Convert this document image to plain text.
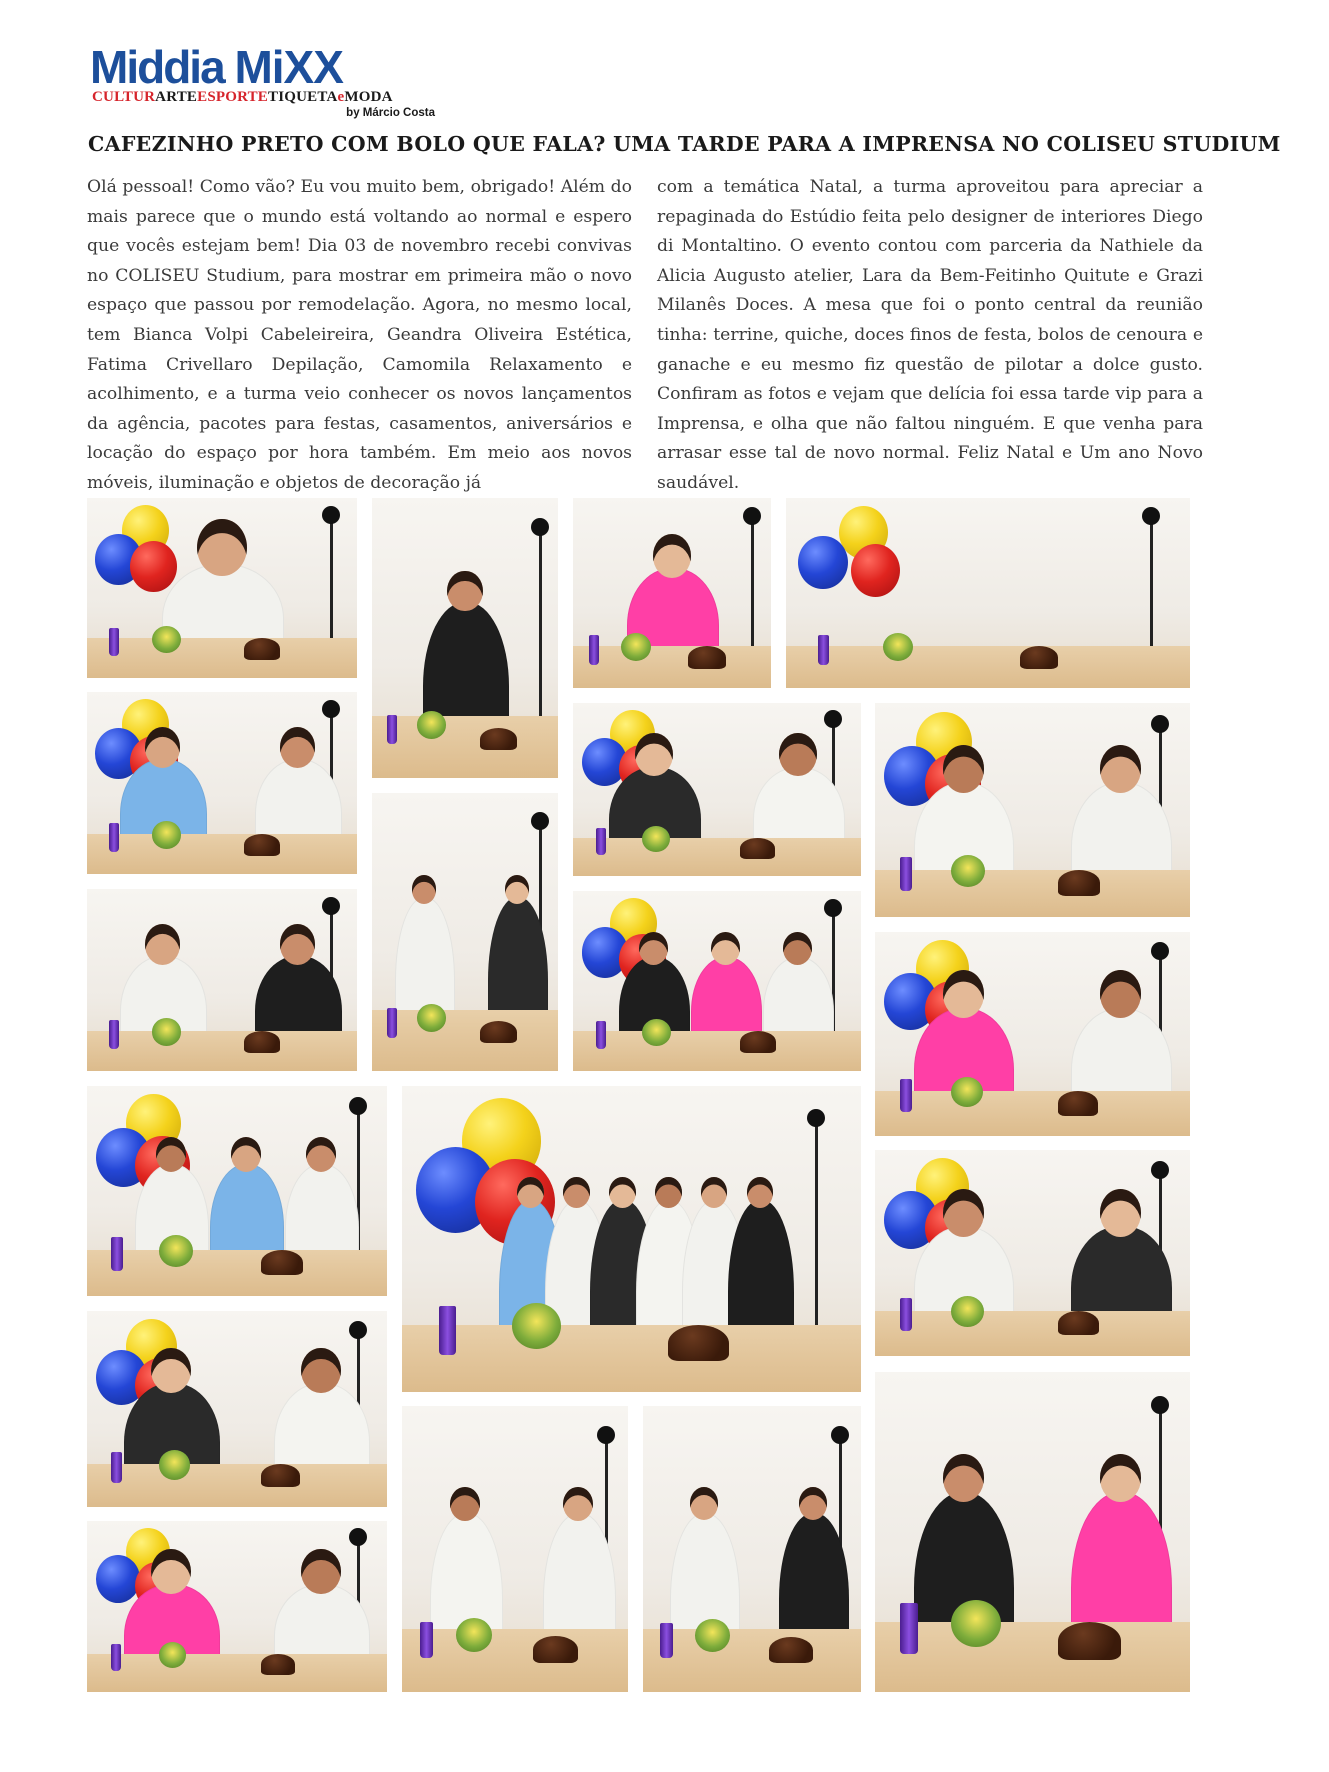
Middia MiXX
CULTURARTEESPORTETIQUETAeMODA
by Márcio Costa
CAFEZINHO PRETO COM BOLO QUE FALA? UMA TARDE PARA A IMPRENSA NO COLISEU STUDIUM

Olá pessoal! Como vão? Eu vou muito bem, obrigado! Além do mais parece que o mundo está voltando ao normal e espero que vocês estejam bem! Dia 03 de novembro recebi convivas no COLISEU Studium, para mostrar em primeira mão o novo espaço que passou por remodelação. Agora, no mesmo local, tem Bianca Volpi Cabeleireira, Geandra Oliveira Estética, Fatima Crivellaro Depilação, Camomila Relaxamento e acolhimento, e a turma veio conhecer os novos lançamentos da agência, pacotes para festas, casamentos, aniversários e locação do espaço por hora também. Em meio aos novos móveis, iluminação e objetos de decoração já

com a temática Natal, a turma aproveitou para apreciar a repaginada do Estúdio feita pelo designer de interiores Diego di Montaltino. O evento contou com parceria da Nathiele da Alicia Augusto atelier, Lara da Bem-Feitinho Quitute e Grazi Milanês Doces. A mesa que foi o ponto central da reunião tinha: terrine, quiche, doces finos de festa, bolos de cenoura e ganache e eu mesmo fiz questão de pilotar a dolce gusto. Confiram as fotos e vejam que delícia foi essa tarde vip para a Imprensa, e olha que não faltou ninguém. E que venha para arrasar esse tal de novo normal. Feliz Natal e Um ano Novo saudável.
